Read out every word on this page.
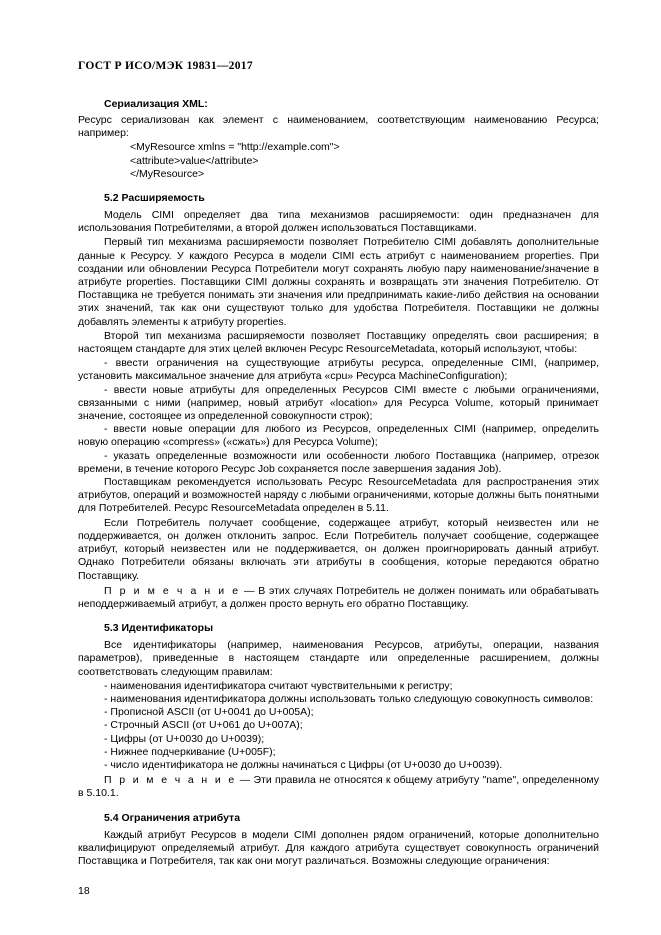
ГОСТ Р ИСО/МЭК 19831—2017
Сериализация XML:

Ресурс сериализован как элемент с наименованием, соответствующим наименованию Ресурса; например:

<MyResource xmlns = "http://example.com">

<attribute>value</attribute>

</MyResource>

5.2 Расширяемость

Модель CIMI определяет два типа механизмов расширяемости: один предназначен для использования Потребителями, а второй должен использоваться Поставщиками.

Первый тип механизма расширяемости позволяет Потребителю CIMI добавлять дополнительные данные к Ресурсу. У каждого Ресурса в модели CIMI есть атрибут с наименованием properties. При создании или обновлении Ресурса Потребители могут сохранять любую пару наименование/значение в атрибуте properties. Поставщики CIMI должны сохранять и возвращать эти значения Потребителю. От Поставщика не требуется понимать эти значения или предпринимать какие-либо действия на основании этих значений, так как они существуют только для удобства Потребителя. Поставщики не должны добавлять элементы к атрибуту properties.

Второй тип механизма расширяемости позволяет Поставщику определять свои расширения; в настоящем стандарте для этих целей включен Ресурс ResourceMetadata, который используют, чтобы:

- ввести ограничения на существующие атрибуты ресурса, определенные CIMI, (например, установить максимальное значение для атрибута «cpu» Ресурса MachineConfiguration);

- ввести новые атрибуты для определенных Ресурсов CIMI вместе с любыми ограничениями, связанными с ними (например, новый атрибут «location» для Ресурса Volume, который принимает значение, состоящее из определенной совокупности строк);

- ввести новые операции для любого из Ресурсов, определенных CIMI (например, определить новую операцию «compress» («сжать») для Ресурса Volume);

- указать определенные возможности или особенности любого Поставщика (например, отрезок времени, в течение которого Ресурс Job сохраняется после завершения задания Job).

Поставщикам рекомендуется использовать Ресурс ResourceMetadata для распространения этих атрибутов, операций и возможностей наряду с любыми ограничениями, которые должны быть понятными для Потребителей. Ресурс ResourceMetadata определен в 5.11.

Если Потребитель получает сообщение, содержащее атрибут, который неизвестен или не поддерживается, он должен отклонить запрос. Если Потребитель получает сообщение, содержащее атрибут, который неизвестен или не поддерживается, он должен проигнорировать данный атрибут. Однако Потребители обязаны включать эти атрибуты в сообщения, которые передаются обратно Поставщику.

П р и м е ч а н и е — В этих случаях Потребитель не должен понимать или обрабатывать неподдерживаемый атрибут, а должен просто вернуть его обратно Поставщику.

5.3 Идентификаторы

Все идентификаторы (например, наименования Ресурсов, атрибуты, операции, названия параметров), приведенные в настоящем стандарте или определенные расширением, должны соответствовать следующим правилам:

- наименования идентификатора считают чувствительными к регистру;

- наименования идентификатора должны использовать только следующую совокупность символов:

- Прописной ASCII (от U+0041 до U+005A);

- Строчный ASCII (от U+061 до U+007A);

- Цифры (от U+0030 до U+0039);

- Нижнее подчеркивание (U+005F);

- число идентификатора не должны начинаться с Цифры (от U+0030 до U+0039).

П р и м е ч а н и е — Эти правила не относятся к общему атрибуту "name", определенному в 5.10.1.

5.4 Ограничения атрибута

Каждый атрибут Ресурсов в модели CIMI дополнен рядом ограничений, которые дополнительно квалифицируют определяемый атрибут. Для каждого атрибута существует совокупность ограничений Поставщика и Потребителя, так как они могут различаться. Возможны следующие ограничения:

18
